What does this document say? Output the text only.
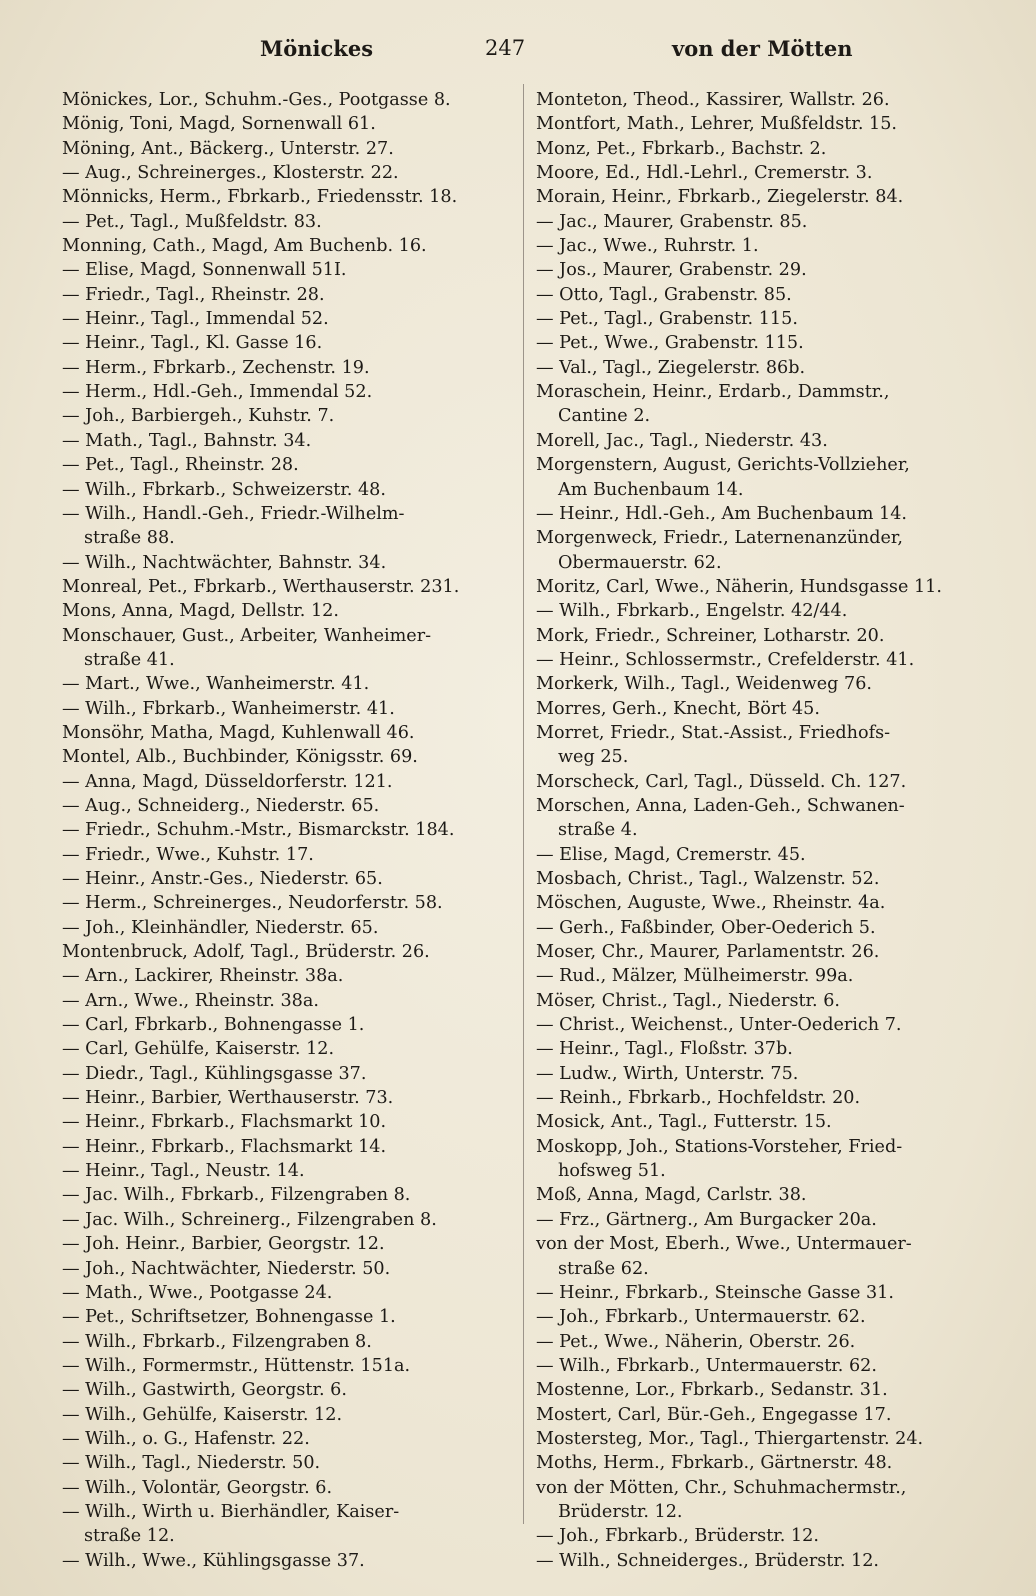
Mönickes	247	von der Mötten
Mönickes, Lor., Schuhm.-Ges., Pootgasse 8.
Mönig, Toni, Magd, Sornenwall 61.
Möning, Ant., Bäckerg., Unterstr. 27.
— Aug., Schreinerges., Klosterstr. 22.
Mönnicks, Herm., Fbrkarb., Friedensstr. 18.
— Pet., Tagl., Mußfeldstr. 83.
Monning, Cath., Magd, Am Buchenb. 16.
— Elise, Magd, Sonnenwall 51I.
— Friedr., Tagl., Rheinstr. 28.
— Heinr., Tagl., Immendal 52.
— Heinr., Tagl., Kl. Gasse 16.
— Herm., Fbrkarb., Zechenstr. 19.
— Herm., Hdl.-Geh., Immendal 52.
— Joh., Barbiergeh., Kuhstr. 7.
— Math., Tagl., Bahnstr. 34.
— Pet., Tagl., Rheinstr. 28.
— Wilh., Fbrkarb., Schweizerstr. 48.
— Wilh., Handl.-Geh., Friedr.-Wilhelm-
straße 88.
— Wilh., Nachtwächter, Bahnstr. 34.
Monreal, Pet., Fbrkarb., Werthauserstr. 231.
Mons, Anna, Magd, Dellstr. 12.
Monschauer, Gust., Arbeiter, Wanheimer-
straße 41.
— Mart., Wwe., Wanheimerstr. 41.
— Wilh., Fbrkarb., Wanheimerstr. 41.
Monsöhr, Matha, Magd, Kuhlenwall 46.
Montel, Alb., Buchbinder, Königsstr. 69.
— Anna, Magd, Düsseldorferstr. 121.
— Aug., Schneiderg., Niederstr. 65.
— Friedr., Schuhm.-Mstr., Bismarckstr. 184.
— Friedr., Wwe., Kuhstr. 17.
— Heinr., Anstr.-Ges., Niederstr. 65.
— Herm., Schreinerges., Neudorferstr. 58.
— Joh., Kleinhändler, Niederstr. 65.
Montenbruck, Adolf, Tagl., Brüderstr. 26.
— Arn., Lackirer, Rheinstr. 38a.
— Arn., Wwe., Rheinstr. 38a.
— Carl, Fbrkarb., Bohnengasse 1.
— Carl, Gehülfe, Kaiserstr. 12.
— Diedr., Tagl., Kühlingsgasse 37.
— Heinr., Barbier, Werthauserstr. 73.
— Heinr., Fbrkarb., Flachsmarkt 10.
— Heinr., Fbrkarb., Flachsmarkt 14.
— Heinr., Tagl., Neustr. 14.
— Jac. Wilh., Fbrkarb., Filzengraben 8.
— Jac. Wilh., Schreinerg., Filzengraben 8.
— Joh. Heinr., Barbier, Georgstr. 12.
— Joh., Nachtwächter, Niederstr. 50.
— Math., Wwe., Pootgasse 24.
— Pet., Schriftsetzer, Bohnengasse 1.
— Wilh., Fbrkarb., Filzengraben 8.
— Wilh., Formermstr., Hüttenstr. 151a.
— Wilh., Gastwirth, Georgstr. 6.
— Wilh., Gehülfe, Kaiserstr. 12.
— Wilh., o. G., Hafenstr. 22.
— Wilh., Tagl., Niederstr. 50.
— Wilh., Volontär, Georgstr. 6.
— Wilh., Wirth u. Bierhändler, Kaiser-
straße 12.
— Wilh., Wwe., Kühlingsgasse 37.
Monteton, Theod., Kassirer, Wallstr. 26.
Montfort, Math., Lehrer, Mußfeldstr. 15.
Monz, Pet., Fbrkarb., Bachstr. 2.
Moore, Ed., Hdl.-Lehrl., Cremerstr. 3.
Morain, Heinr., Fbrkarb., Ziegelerstr. 84.
— Jac., Maurer, Grabenstr. 85.
— Jac., Wwe., Ruhrstr. 1.
— Jos., Maurer, Grabenstr. 29.
— Otto, Tagl., Grabenstr. 85.
— Pet., Tagl., Grabenstr. 115.
— Pet., Wwe., Grabenstr. 115.
— Val., Tagl., Ziegelerstr. 86b.
Moraschein, Heinr., Erdarb., Dammstr.,
Cantine 2.
Morell, Jac., Tagl., Niederstr. 43.
Morgenstern, August, Gerichts-Vollzieher,
Am Buchenbaum 14.
— Heinr., Hdl.-Geh., Am Buchenbaum 14.
Morgenweck, Friedr., Laternenanzünder,
Obermauerstr. 62.
Moritz, Carl, Wwe., Näherin, Hundsgasse 11.
— Wilh., Fbrkarb., Engelstr. 42/44.
Mork, Friedr., Schreiner, Lotharstr. 20.
— Heinr., Schlossermstr., Crefelderstr. 41.
Morkerk, Wilh., Tagl., Weidenweg 76.
Morres, Gerh., Knecht, Bört 45.
Morret, Friedr., Stat.-Assist., Friedhofs-
weg 25.
Morscheck, Carl, Tagl., Düsseld. Ch. 127.
Morschen, Anna, Laden-Geh., Schwanen-
straße 4.
— Elise, Magd, Cremerstr. 45.
Mosbach, Christ., Tagl., Walzenstr. 52.
Möschen, Auguste, Wwe., Rheinstr. 4a.
— Gerh., Faßbinder, Ober-Oederich 5.
Moser, Chr., Maurer, Parlamentstr. 26.
— Rud., Mälzer, Mülheimerstr. 99a.
Möser, Christ., Tagl., Niederstr. 6.
— Christ., Weichenst., Unter-Oederich 7.
— Heinr., Tagl., Floßstr. 37b.
— Ludw., Wirth, Unterstr. 75.
— Reinh., Fbrkarb., Hochfeldstr. 20.
Mosick, Ant., Tagl., Futterstr. 15.
Moskopp, Joh., Stations-Vorsteher, Fried-
hofsweg 51.
Moß, Anna, Magd, Carlstr. 38.
— Frz., Gärtnerg., Am Burgacker 20a.
von der Most, Eberh., Wwe., Untermauer-
straße 62.
— Heinr., Fbrkarb., Steinsche Gasse 31.
— Joh., Fbrkarb., Untermauerstr. 62.
— Pet., Wwe., Näherin, Oberstr. 26.
— Wilh., Fbrkarb., Untermauerstr. 62.
Mostenne, Lor., Fbrkarb., Sedanstr. 31.
Mostert, Carl, Bür.-Geh., Engegasse 17.
Mostersteg, Mor., Tagl., Thiergartenstr. 24.
Moths, Herm., Fbrkarb., Gärtnerstr. 48.
von der Mötten, Chr., Schuhmachermstr.,
Brüderstr. 12.
— Joh., Fbrkarb., Brüderstr. 12.
— Wilh., Schneiderges., Brüderstr. 12.
